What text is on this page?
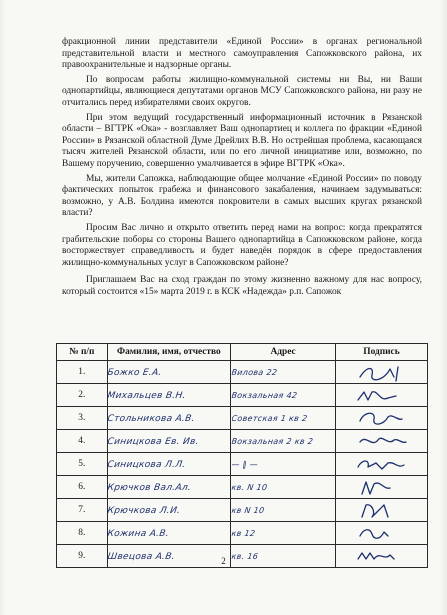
фракционной линии представители «Единой России» в органах региональной представительной власти и местного самоуправления Сапожковского района, их правоохранительные и надзорные органы.

По вопросам работы жилищно-коммунальной системы ни Вы, ни Ваши однопартийцы, являющиеся депутатами органов МСУ Сапожковского района, ни разу не отчитались перед избирателями своих округов.

При этом ведущий государственный информационный источник в Рязанской области – ВГТРК «Ока» - возглавляет Ваш однопартиец и коллега по фракции «Единой России» в Рязанской областной Думе Дрейлих В.В. Но острейшая проблема, касающаяся тысяч жителей Рязанской области, или по его личной инициативе или, возможно, по Вашему поручению, совершенно умалчивается в эфире ВГТРК «Ока».

Мы, жители Сапожка, наблюдающие общее молчание «Единой России» по поводу фактических попыток грабежа и финансового закабаления, начинаем задумываться: возможно, у А.В. Болдина имеются покровители в самых высших кругах рязанской власти?

Просим Вас лично и открыто ответить перед нами на вопрос: когда прекратятся грабительские поборы со стороны Вашего однопартийца в Сапожковском районе, когда восторжествует справедливость и будет наведён порядок в сфере предоставления жилищно-коммунальных услуг в Сапожковском районе?

Приглашаем Вас на сход граждан по этому жизненно важному для нас вопросу, который состоится «15» марта 2019 г. в КСК «Надежда» р.п. Сапожок

№ п/п	Фамилия, имя, отчество	Адрес	Подпись
1.	Божко Е.А.	Вилова 22	

2.	Михальцев В.Н.	Вокзальная 42	

3.	Стольникова А.В.	Советская 1 кв 2	

4.	Синицкова Ев. Ив.	Вокзальная 2 кв 2	

5.	Синицкова Л.Л.	— ‖ —	

6.	Крючков Вал.Ал.	кв. N 10	

7.	Крючкова Л.И.	кв N 10	

8.	Кожина А.В.	кв 12	

9.	Швецова А.В.	кв. 16	
2
